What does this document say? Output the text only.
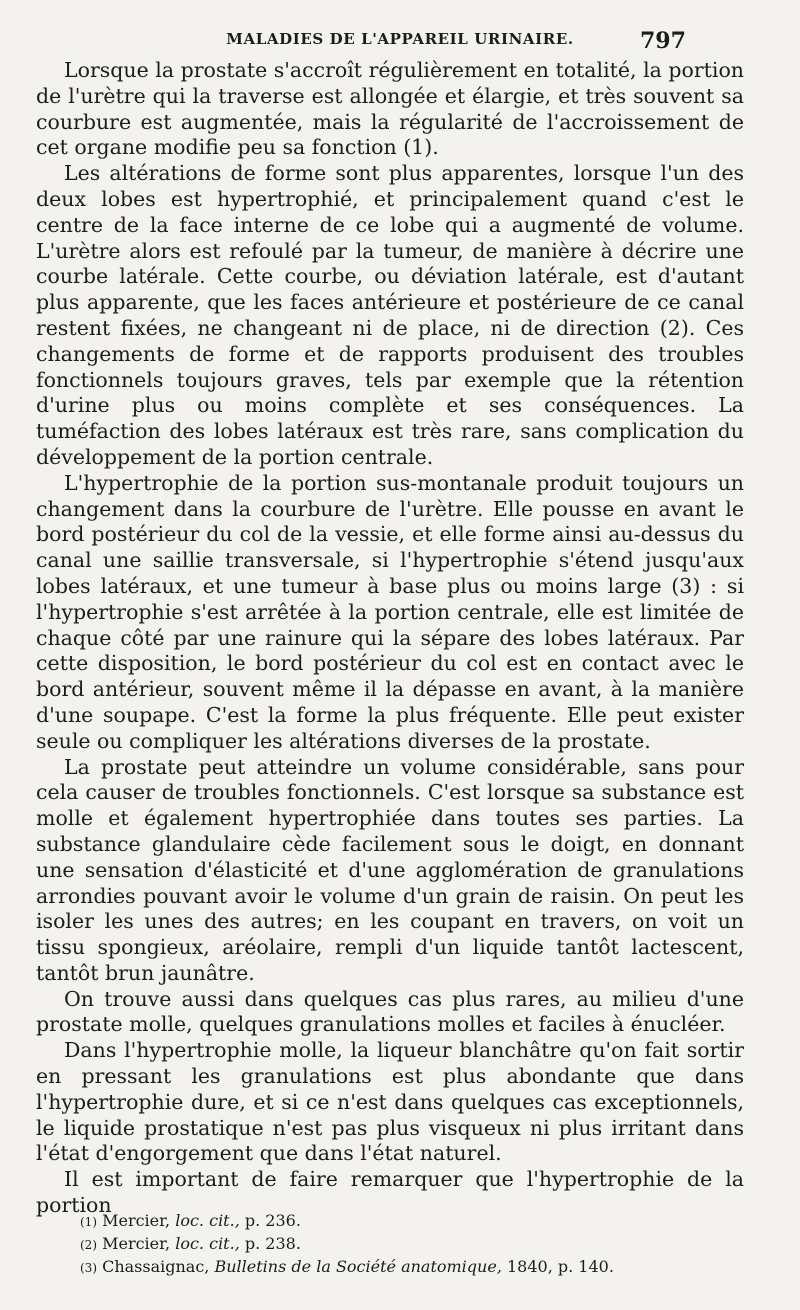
MALADIES DE L'APPAREIL URINAIRE.	797

Lorsque la prostate s'accroît régulièrement en totalité, la portion de l'urètre qui la traverse est allongée et élargie, et très souvent sa courbure est augmentée, mais la régularité de l'accroissement de cet organe modifie peu sa fonction (1).

Les altérations de forme sont plus apparentes, lorsque l'un des deux lobes est hypertrophié, et principalement quand c'est le centre de la face interne de ce lobe qui a augmenté de volume. L'urètre alors est refoulé par la tumeur, de manière à décrire une courbe latérale. Cette courbe, ou déviation latérale, est d'autant plus apparente, que les faces antérieure et postérieure de ce canal restent fixées, ne changeant ni de place, ni de direction (2). Ces changements de forme et de rapports produisent des troubles fonctionnels toujours graves, tels par exemple que la rétention d'urine plus ou moins complète et ses conséquences. La tuméfaction des lobes latéraux est très rare, sans complication du développement de la portion centrale.

L'hypertrophie de la portion sus-montanale produit toujours un changement dans la courbure de l'urètre. Elle pousse en avant le bord postérieur du col de la vessie, et elle forme ainsi au-dessus du canal une saillie transversale, si l'hypertrophie s'étend jusqu'aux lobes latéraux, et une tumeur à base plus ou moins large (3) : si l'hypertrophie s'est arrêtée à la portion centrale, elle est limitée de chaque côté par une rainure qui la sépare des lobes latéraux. Par cette disposition, le bord postérieur du col est en contact avec le bord antérieur, souvent même il la dépasse en avant, à la manière d'une soupape. C'est la forme la plus fréquente. Elle peut exister seule ou compliquer les altérations diverses de la prostate.

La prostate peut atteindre un volume considérable, sans pour cela causer de troubles fonctionnels. C'est lorsque sa substance est molle et également hypertrophiée dans toutes ses parties. La substance glandulaire cède facilement sous le doigt, en donnant une sensation d'élasticité et d'une agglomération de granulations arrondies pouvant avoir le volume d'un grain de raisin. On peut les isoler les unes des autres; en les coupant en travers, on voit un tissu spongieux, aréolaire, rempli d'un liquide tantôt lactescent, tantôt brun jaunâtre.

On trouve aussi dans quelques cas plus rares, au milieu d'une prostate molle, quelques granulations molles et faciles à énucléer.

Dans l'hypertrophie molle, la liqueur blanchâtre qu'on fait sortir en pressant les granulations est plus abondante que dans l'hypertrophie dure, et si ce n'est dans quelques cas exceptionnels, le liquide prostatique n'est pas plus visqueux ni plus irritant dans l'état d'engorgement que dans l'état naturel.

Il est important de faire remarquer que l'hypertrophie de la portion

(1) Mercier, loc. cit., p. 236.
(2) Mercier, loc. cit., p. 238.
(3) Chassaignac, Bulletins de la Société anatomique, 1840, p. 140.
